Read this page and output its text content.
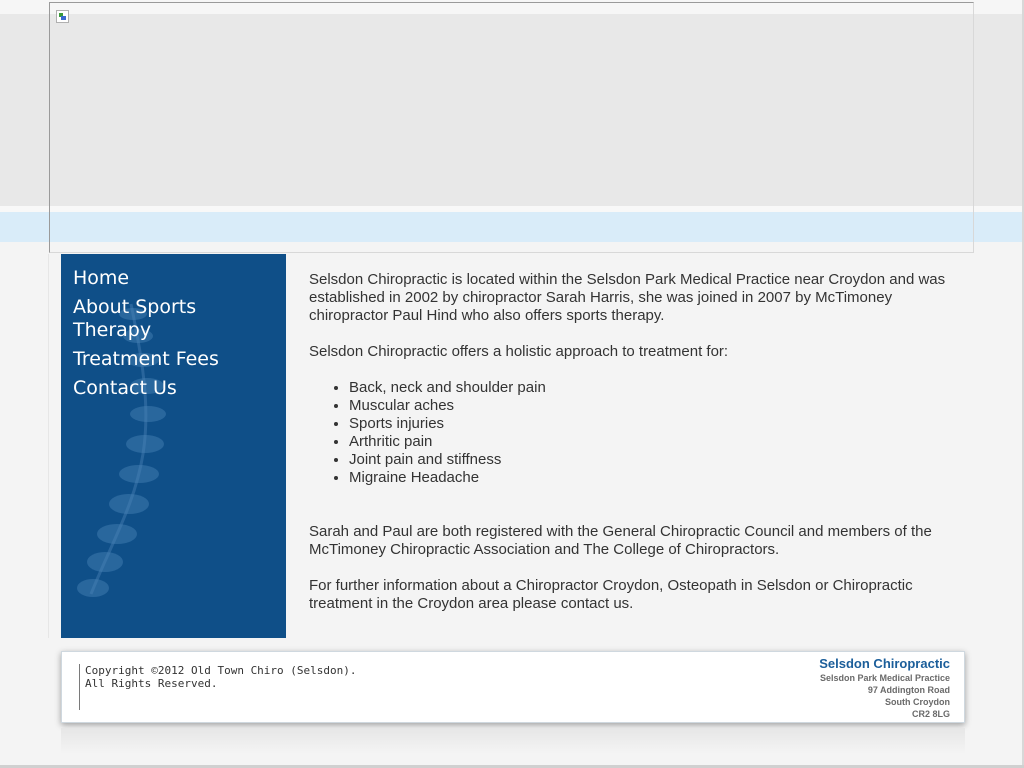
Home
About Sports Therapy
Treatment Fees
Contact Us

Selsdon Chiropractic is located within the Selsdon Park Medical Practice near Croydon and was established in 2002 by chiropractor Sarah Harris, she was joined in 2007 by McTimoney chiropractor Paul Hind who also offers sports therapy.

Selsdon Chiropractic offers a holistic approach to treatment for:

• Back, neck and shoulder pain
• Muscular aches
• Sports injuries
• Arthritic pain
• Joint pain and stiffness
• Migraine Headache

Sarah and Paul are both registered with the General Chiropractic Council and members of the McTimoney Chiropractic Association and The College of Chiropractors.

For further information about a Chiropractor Croydon, Osteopath in Selsdon or Chiropractic treatment in the Croydon area please contact us.

Copyright ©2012 Old Town Chiro (Selsdon).
All Rights Reserved.
Selsdon Chiropractic
Selsdon Park Medical Practice
97 Addington Road
South Croydon
CR2 8LG
